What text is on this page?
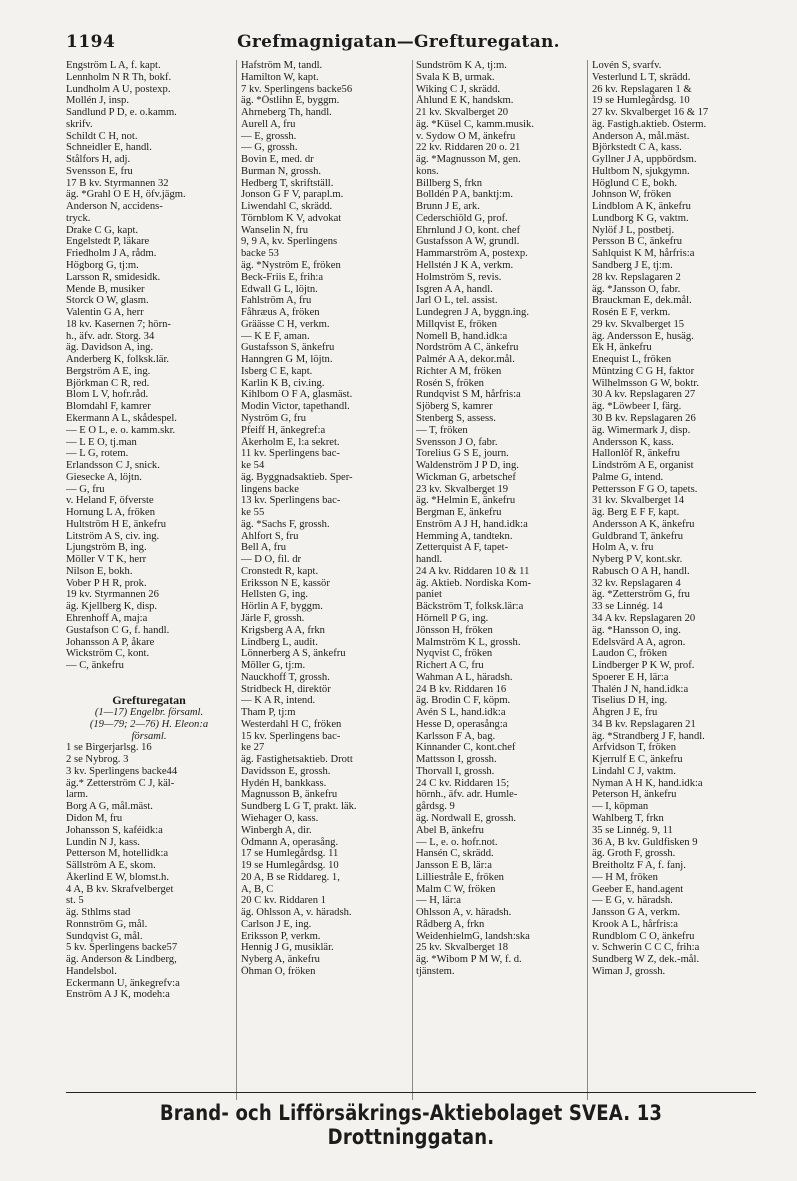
1194	Grefmagnigatan—Grefturegatan.
Engström L A, f. kapt.
Lennholm N R Th, bokf.
Lundholm A U, postexp.
Mollén J, insp.
Sandlund P D, e. o.kamm.
skrifv.
Schildt C H, not.
Schneidler E, handl.
Stålfors H, adj.
Svensson E, fru
17 B kv. Styrmannen 32
äg. *Grahl O E H, öfv.jägm.
Anderson N, accidens-
tryck.
Drake C G, kapt.
Engelstedt P, läkare
Friedholm J A, rådm.
Högborg G, tj:m.
Larsson R, smidesidk.
Mende B, musiker
Storck O W, glasm.
Valentin G A, herr
18 kv. Kasernen 7; hörn-
h., äfv. adr. Storg. 34
äg. Davidson A, ing.
Anderberg K, folksk.lär.
Bergström A E, ing.
Björkman C R, red.
Blom L V, hofr.råd.
Blomdahl F, kamrer
Ekermann A L, skådespel.
— E O L, e. o. kamm.skr.
— L E O, tj.man
— L G, rotem.
Erlandsson C J, snick.
Giesecke A, löjtn.
— G, fru
v. Heland F, öfverste
Hornung L A, fröken
Hultström H E, änkefru
Litström A S, civ. ing.
Ljungström B, ing.
Möller V T K, herr
Nilson E, bokh.
Vober P H R, prok.
19 kv. Styrmannen 26
äg. Kjellberg K, disp.
Ehrenhoff A, maj:a
Gustafson C G, f. handl.
Johansson A P, åkare
Wickström C, kont.
— C, änkefru
Grefturegatan
(1—17) Engelbr. församl.
(19—79; 2—76) H. Eleon:a
församl.
1 se Birgerjarlsg. 16
2 se Nybrog. 3
3 kv. Sperlingens backe44
äg.* Zetterström C J, käl-
larm.
Borg A G, mål.mäst.
Didon M, fru
Johansson S, kaféidk:a
Lundin N J, kass.
Petterson M, hotellidk:a
Sällström A E, skom.
Åkerlind E W, blomst.h.
4 A, B kv. Skrafvelberget
st. 5
äg. Sthlms stad
Ronnström G, mål.
Sundqvist G, mål.
5 kv. Sperlingens backe57
äg. Anderson & Lindberg,
Handelsbol.
Eckermann U, änkegrefv:a
Enström A J K, modeh:a
Hafström M, tandl.
Hamilton W, kapt.
7 kv. Sperlingens backe56
äg. *Östlihn E, byggm.
Ahrneberg Th, handl.
Aurell A, fru
— E, grossh.
— G, grossh.
Bovin E, med. dr
Burman N, grossh.
Hedberg T, skriftställ.
Jonson G F V, parapl.m.
Liwendahl C, skrädd.
Törnblom K V, advokat
Wanselin N, fru
9, 9 A, kv. Sperlingens
backe 53
äg. *Nyström E, fröken
Beck-Friis E, frih:a
Edwall G L, löjtn.
Fahlström A, fru
Fåhræus A, fröken
Gräässe C H, verkm.
— K E F, aman.
Gustafsson S, änkefru
Hanngren G M, löjtn.
Isberg C E, kapt.
Karlin K B, civ.ing.
Kihlbom O F A, glasmäst.
Modin Victor, tapethandl.
Nyström G, fru
Pfeiff H, änkegref:a
Åkerholm E, l:a sekret.
11 kv. Sperlingens bac-
ke 54
äg. Byggnadsaktieb. Sper-
lingens backe
13 kv. Sperlingens bac-
ke 55
äg. *Sachs F, grossh.
Ahlfort S, fru
Bell A, fru
— D O, fil. dr
Cronstedt R, kapt.
Eriksson N E, kassör
Hellsten G, ing.
Hörlin A F, byggm.
Järle F, grossh.
Krigsberg A A, frkn
Lindberg L, audit.
Lönnerberg A S, änkefru
Möller G, tj:m.
Nauckhoff T, grossh.
Stridbeck H, direktör
— K A R, intend.
Tham P, tj:m
Westerdahl H C, fröken
15 kv. Sperlingens bac-
ke 27
äg. Fastighetsaktieb. Drott
Davidsson E, grossh.
Hydén H, bankkass.
Magnusson B, änkefru
Sundberg L G T, prakt. läk.
Wiehager O, kass.
Winbergh A, dir.
Ödmann A, operasång.
17 se Humlegårdsg. 11
19 se Humlegårdsg. 10
20 A, B se Riddareg. 1,
A, B, C
20 C kv. Riddaren 1
äg. Ohlsson A, v. häradsh.
Carlson J E, ing.
Eriksson P, verkm.
Hennig J G, musiklär.
Nyberg A, änkefru
Öhman O, fröken
Sundström K A, tj:m.
Svala K B, urmak.
Wiking C J, skrädd.
Åhlund E K, handskm.
21 kv. Skvalberget 20
äg. *Küsel C, kamm.musik.
v. Sydow O M, änkefru
22 kv. Riddaren 20 o. 21
äg. *Magnusson M, gen.
kons.
Billberg S, frkn
Bolldén P A, banktj:m.
Brunn J E, ark.
Cederschiöld G, prof.
Ehrnlund J O, kont. chef
Gustafsson A W, grundl.
Hammarström A, postexp.
Hellstén J K A, verkm.
Holmström S, revis.
Isgren A A, handl.
Jarl O L, tel. assist.
Lundegren J A, byggn.ing.
Millqvist E, fröken
Nomell B, hand.idk:a
Nordström A C, änkefru
Palmér A A, dekor.mål.
Richter A M, fröken
Rosén S, fröken
Rundqvist S M, hårfris:a
Sjöberg S, kamrer
Stenberg S, assess.
— T, fröken
Svensson J O, fabr.
Torelius G S E, journ.
Waldenström J P D, ing.
Wickman G, arbetschef
23 kv. Skvalberget 19
äg. *Helmin E, änkefru
Bergman E, änkefru
Enström A J H, hand.idk:a
Hemming A, tandtekn.
Zetterquist A F, tapet-
handl.
24 A kv. Riddaren 10 & 11
äg. Aktieb. Nordiska Kom-
paniet
Bäckström T, folksk.lär:a
Hörnell P G, ing.
Jönsson H, fröken
Malmström K L, grossh.
Nyqvist C, fröken
Richert A C, fru
Wahman A L, häradsh.
24 B kv. Riddaren 16
äg. Brodin C F, köpm.
Avén S L, hand.idk:a
Hesse D, operasång:a
Karlsson F A, bag.
Kinnander C, kont.chef
Mattsson I, grossh.
Thorvall I, grossh.
24 C kv. Riddaren 15;
hörnh., äfv. adr. Humle-
gårdsg. 9
äg. Nordwall E, grossh.
Abel B, änkefru
— L, e. o. hofr.not.
Hansén C, skrädd.
Jansson E B, lär:a
Lilliestråle E, fröken
Malm C W, fröken
— H, lär:a
Ohlsson A, v. häradsh.
Rådberg A, frkn
WeidenhielmG, landsh:ska
25 kv. Skvalberget 18
äg. *Wibom P M W, f. d.
tjänstem.
Lovén S, svarfv.
Vesterlund L T, skrädd.
26 kv. Repslagaren 1 &
19 se Humlegårdsg. 10
27 kv. Skvalberget 16 & 17
äg. Fastigh.aktieb. Österm.
Anderson A, mål.mäst.
Björkstedt C A, kass.
Gyllner J A, uppbördsm.
Hultbom N, sjukgymn.
Höglund C E, bokh.
Johnson W, fröken
Lindblom A K, änkefru
Lundborg K G, vaktm.
Nylöf J L, postbetj.
Persson B C, änkefru
Sahlquist K M, hårfris:a
Sandberg J E, tj:m.
28 kv. Repslagaren 2
äg. *Jansson O, fabr.
Brauckman E, dek.mål.
Rosén E F, verkm.
29 kv. Skvalberget 15
äg. Andersson E, husäg.
Ek H, änkefru
Enequist L, fröken
Müntzing C G H, faktor
Wilhelmsson G W, boktr.
30 A kv. Repslagaren 27
äg. *Löwbeer I, färg.
30 B kv. Repslagaren 26
äg. Wimermark J, disp.
Andersson K, kass.
Hallonlöf R, änkefru
Lindström A E, organist
Palme G, intend.
Pettersson F G O, tapets.
31 kv. Skvalberget 14
äg. Berg E F F, kapt.
Andersson A K, änkefru
Guldbrand T, änkefru
Holm A, v. fru
Nyberg P V, kont.skr.
Rabusch O A H, handl.
32 kv. Repslagaren 4
äg. *Zetterström G, fru
33 se Linnég. 14
34 A kv. Repslagaren 20
äg. *Hansson O, ing.
Edelsvärd A A, agron.
Laudon C, fröken
Lindberger P K W, prof.
Spoerer E H, lär:a
Thalén J N, hand.idk:a
Tiselius D H, ing.
Åhgren J E, fru
34 B kv. Repslagaren 21
äg. *Strandberg J F, handl.
Arfvidson T, fröken
Kjerrulf E C, änkefru
Lindahl C J, vaktm.
Nyman A H K, hand.idk:a
Peterson H, änkefru
— I, köpman
Wahlberg T, frkn
35 se Linnég. 9, 11
36 A, B kv. Guldfisken 9
äg. Groth F, grossh.
Breitholtz F A, f. fanj.
— H M, fröken
Geeber E, hand.agent
— E G, v. häradsh.
Jansson G A, verkm.
Krook A L, hårfris:a
Rundblom C O, änkefru
v. Schwerin C C C, frih:a
Sundberg W Z, dek.-mål.
Wiman J, grossh.
Brand- och Lifförsäkrings-Aktiebolaget SVEA. 13 Drottninggatan.
